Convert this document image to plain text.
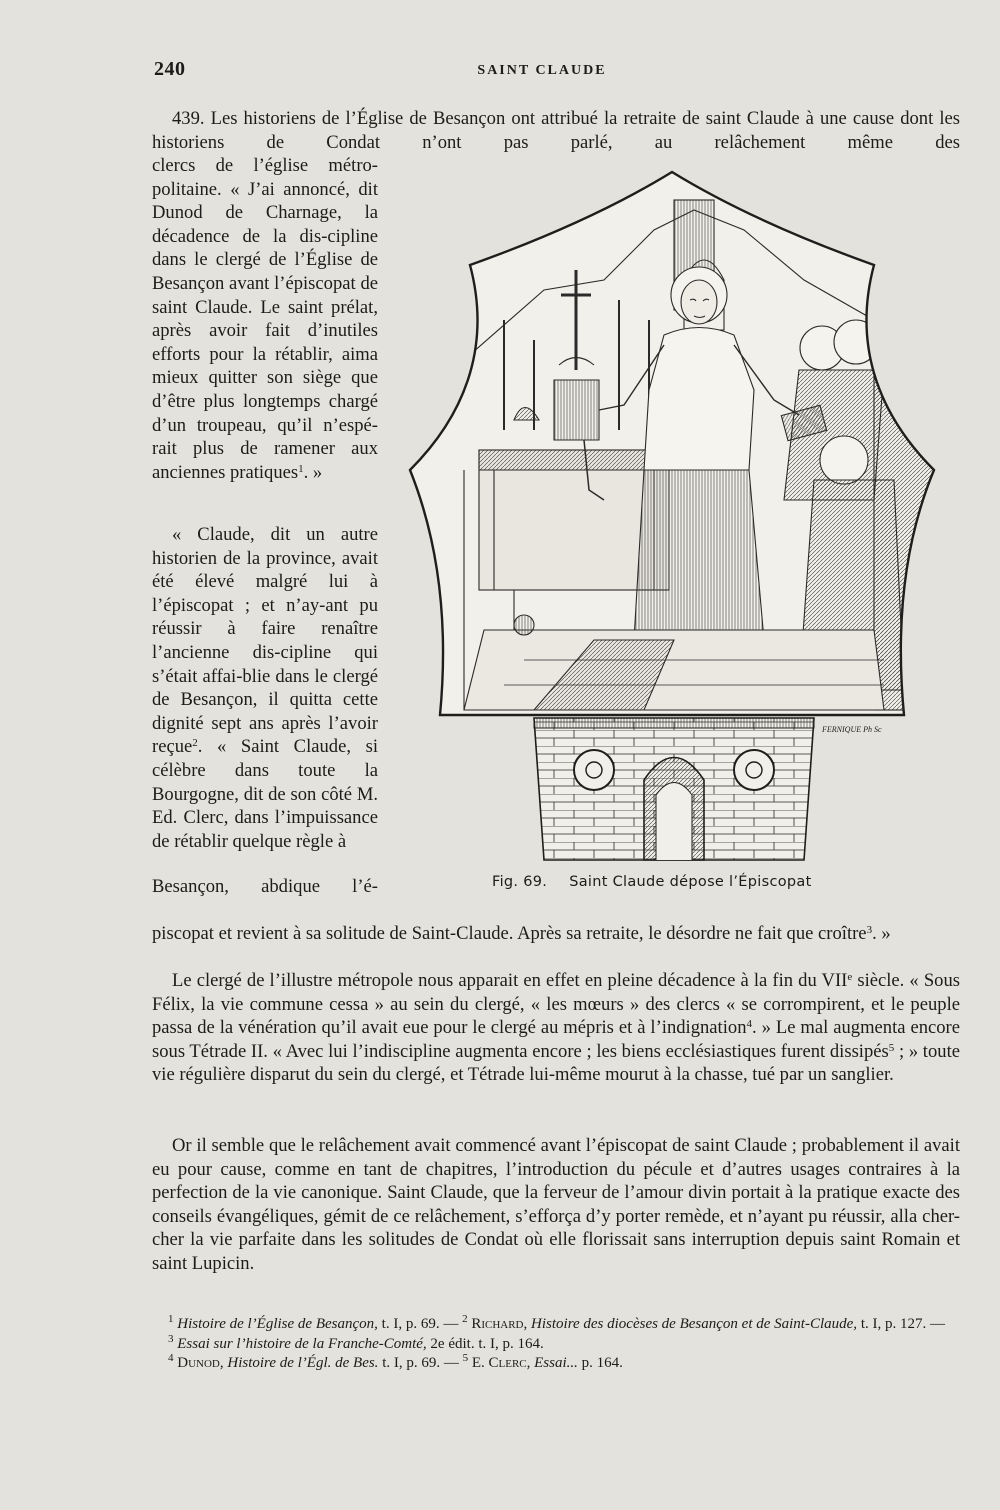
240	SAINT CLAUDE

439. Les historiens de l’Église de Besançon ont attribué la retraite de saint Claude à une cause dont les historiens de Condat n’ont pas parlé, au relâchement même des

clercs de l’église métro-politaine. « J’ai annoncé, dit Dunod de Charnage, la décadence de la dis-cipline dans le clergé de l’Église de Besançon avant l’épiscopat de saint Claude. Le saint prélat, après avoir fait d’inutiles efforts pour la rétablir, aima mieux quitter son siège que d’être plus longtemps chargé d’un troupeau, qu’il n’espé-rait plus de ramener aux anciennes pratiques$^1$. »

« Claude, dit un autre historien de la province, avait été élevé malgré lui à l’épiscopat ; et n’ay-ant pu réussir à faire renaître l’ancienne dis-cipline qui s’était affai-blie dans le clergé de Besançon, il quitta cette dignité sept ans après l’avoir reçue$^2$. « Saint Claude, si célèbre dans toute la Bourgogne, dit de son côté M. Ed. Clerc, dans l’impuissance de rétablir quelque règle à

Besançon, abdique l’é-

piscopat et revient à sa solitude de Saint-Claude. Après sa retraite, le désordre ne fait que croître$^3$. »

Le clergé de l’illustre métropole nous apparait en effet en pleine décadence à la fin du VIIe siècle. « Sous Félix, la vie commune cessa » au sein du clergé, « les mœurs » des clercs « se corrompirent, et le peuple passa de la vénération qu’il avait eue pour le clergé au mépris et à l’indignation$^4$. » Le mal augmenta encore sous Tétrade II. « Avec lui l’indiscipline augmenta encore ; les biens ecclésiastiques furent dissipés$^5$ ; » toute vie régulière disparut du sein du clergé, et Tétrade lui-même mourut à la chasse, tué par un sanglier.

Or il semble que le relâchement avait commencé avant l’épiscopat de saint Claude ; probablement il avait eu pour cause, comme en tant de chapitres, l’introduction du pécule et d’autres usages contraires à la perfection de la vie canonique. Saint Claude, que la ferveur de l’amour divin portait à la pratique exacte des conseils évangéliques, gémit de ce relâchement, s’efforça d’y porter remède, et n’ayant pu réussir, alla cher-cher la vie parfaite dans les solitudes de Condat où elle florissait sans interruption depuis saint Romain et saint Lupicin.

FERNIQUE Ph Sc
Fig. 69. Saint Claude dépose l’Épiscopat

$^1$ Histoire de l’Église de Besançon, t. I, p. 69. — $^2$ Richard, Histoire des diocèses de Besançon et de Saint-Claude, t. I, p. 127. — $^3$ Essai sur l’histoire de la Franche-Comté, 2e édit. t. I, p. 164.

$^4$ Dunod, Histoire de l’Égl. de Bes. t. I, p. 69. — $^5$ E. Clerc, Essai... p. 164.
